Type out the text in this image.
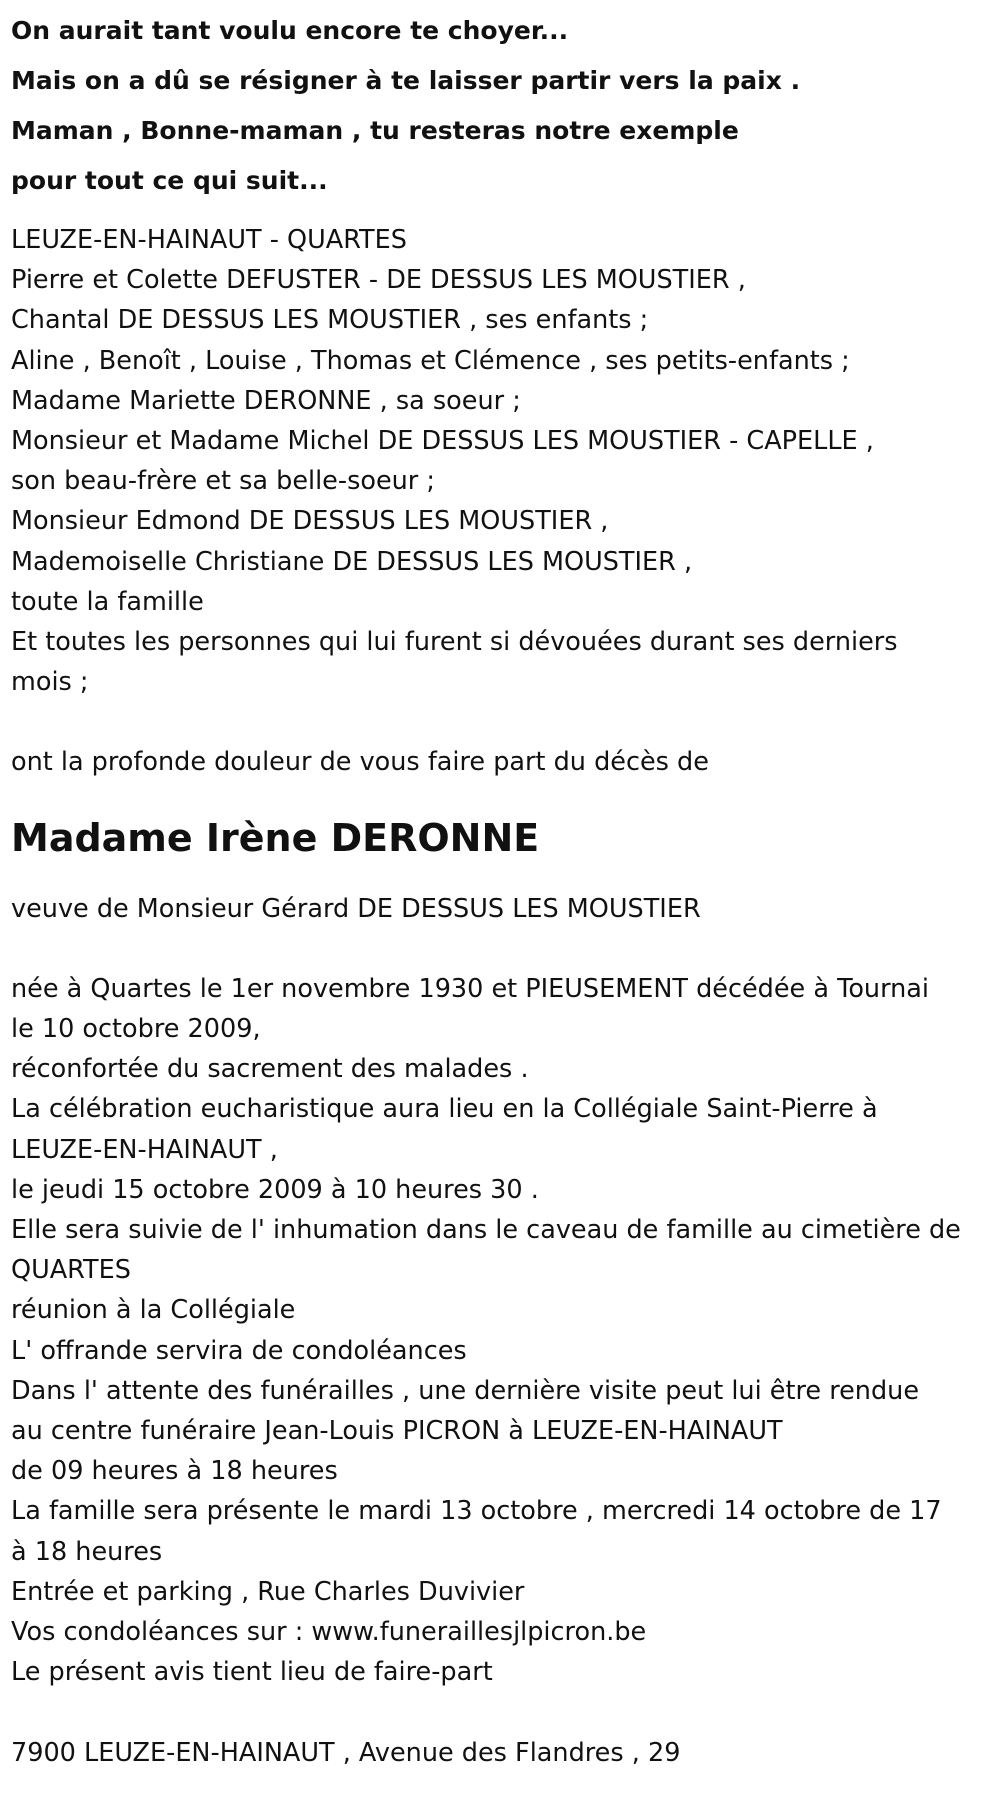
On aurait tant voulu encore te choyer...
Mais on a dû se résigner à te laisser partir vers la paix .
Maman , Bonne-maman , tu resteras notre exemple
pour tout ce qui suit...
LEUZE-EN-HAINAUT - QUARTES
Pierre et Colette DEFUSTER - DE DESSUS LES MOUSTIER ,
Chantal DE DESSUS LES MOUSTIER , ses enfants ;
Aline , Benoît , Louise , Thomas et Clémence , ses petits-enfants ;
Madame Mariette DERONNE , sa soeur ;
Monsieur et Madame Michel DE DESSUS LES MOUSTIER - CAPELLE ,
son beau-frère et sa belle-soeur ;
Monsieur Edmond DE DESSUS LES MOUSTIER ,
Mademoiselle Christiane DE DESSUS LES MOUSTIER ,
toute la famille
Et toutes les personnes qui lui furent si dévouées durant ses derniers
mois ;
ont la profonde douleur de vous faire part du décès de
Madame Irène DERONNE
veuve de Monsieur Gérard DE DESSUS LES MOUSTIER
née à Quartes le 1er novembre 1930 et PIEUSEMENT décédée à Tournai
le 10 octobre 2009,
réconfortée du sacrement des malades .
La célébration eucharistique aura lieu en la Collégiale Saint-Pierre à
LEUZE-EN-HAINAUT ,
le jeudi 15 octobre 2009 à 10 heures 30 .
Elle sera suivie de l' inhumation dans le caveau de famille au cimetière de
QUARTES
réunion à la Collégiale
L' offrande servira de condoléances
Dans l' attente des funérailles , une dernière visite peut lui être rendue
au centre funéraire Jean-Louis PICRON à LEUZE-EN-HAINAUT
de 09 heures à 18 heures
La famille sera présente le mardi 13 octobre , mercredi 14 octobre de 17
à 18 heures
Entrée et parking , Rue Charles Duvivier
Vos condoléances sur : www.funeraillesjlpicron.be
Le présent avis tient lieu de faire-part
7900 LEUZE-EN-HAINAUT , Avenue des Flandres , 29
